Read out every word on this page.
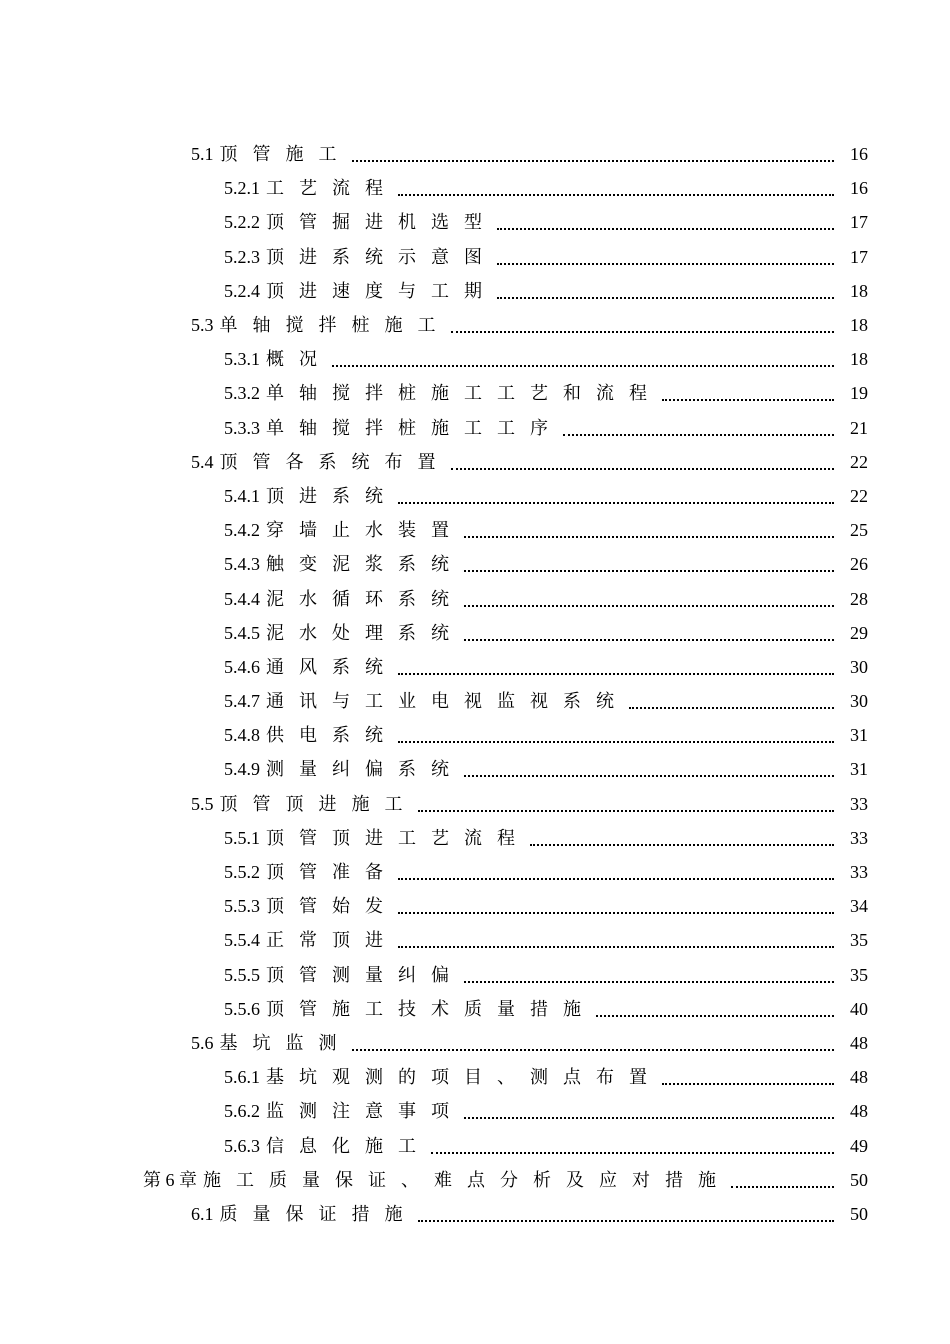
5.1 顶管施工	16
5.2.1 工艺流程	16
5.2.2 顶管掘进机选型	17
5.2.3 顶进系统示意图	17
5.2.4 顶进速度与工期	18
5.3 单轴搅拌桩施工	18
5.3.1 概况	18
5.3.2 单轴搅拌桩施工工艺和流程	19
5.3.3 单轴搅拌桩施工工序	21
5.4 顶管各系统布置	22
5.4.1 顶进系统	22
5.4.2 穿墙止水装置	25
5.4.3 触变泥浆系统	26
5.4.4 泥水循环系统	28
5.4.5 泥水处理系统	29
5.4.6 通风系统	30
5.4.7 通讯与工业电视监视系统	30
5.4.8 供电系统	31
5.4.9 测量纠偏系统	31
5.5 顶管顶进施工	33
5.5.1 顶管顶进工艺流程	33
5.5.2 顶管准备	33
5.5.3 顶管始发	34
5.5.4 正常顶进	35
5.5.5 顶管测量纠偏	35
5.5.6 顶管施工技术质量措施	40
5.6 基坑监测	48
5.6.1 基坑观测的项目、测点布置	48
5.6.2 监测注意事项	48
5.6.3 信息化施工	49
第 6 章 施工质量保证、难点分析及应对措施	50
6.1 质量保证措施	50
